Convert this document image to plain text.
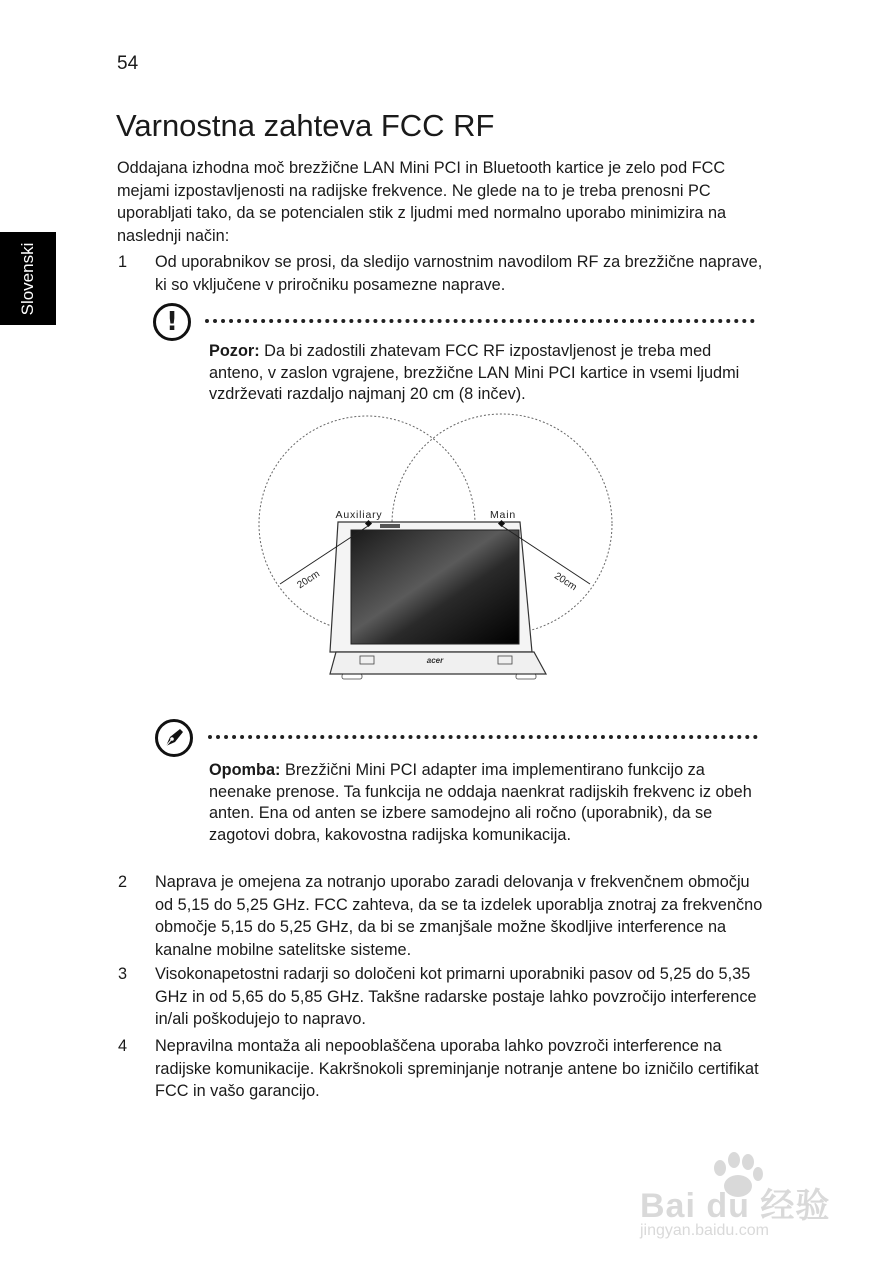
54
Slovenski
Varnostna zahteva FCC RF
Oddajana izhodna moč brezžične LAN Mini PCI in Bluetooth kartice je zelo pod FCC mejami izpostavljenosti na radijske frekvence. Ne glede na to je treba prenosni PC uporabljati tako, da se potencialen stik z ljudmi med normalno uporabo minimizira na naslednji način:
1 Od uporabnikov se prosi, da sledijo varnostnim navodilom RF za brezžične naprave, ki so vključene v priročniku posamezne naprave.
!
Pozor: Da bi zadostili zhatevam FCC RF izpostavljenost je treba med anteno, v zaslon vgrajene, brezžične LAN Mini PCI kartice in vsemi ljudmi vzdrževati razdaljo najmanj 20 cm (8 inčev).
acer
Auxiliary	Main
20cm	20cm
Opomba: Brezžični Mini PCI adapter ima implementirano funkcijo za neenake prenose. Ta funkcija ne oddaja naenkrat radijskih frekvenc iz obeh anten. Ena od anten se izbere samodejno ali ročno (uporabnik), da se zagotovi dobra, kakovostna radijska komunikacija.
2 Naprava je omejena za notranjo uporabo zaradi delovanja v frekvenčnem območju od 5,15 do 5,25 GHz. FCC zahteva, da se ta izdelek uporablja znotraj za frekvenčno območje 5,15 do 5,25 GHz, da bi se zmanjšale možne škodljive interference na kanalne mobilne satelitske sisteme.
3 Visokonapetostni radarji so določeni kot primarni uporabniki pasov od 5,25 do 5,35 GHz in od 5,65 do 5,85 GHz. Takšne radarske postaje lahko povzročijo interference in/ali poškodujejo to napravo.
4 Nepravilna montaža ali nepooblaščena uporaba lahko povzroči interference na radijske komunikacije. Kakršnokoli spreminjanje notranje antene bo izničilo certifikat FCC in vašo garancijo.
Bai du 经验
jingyan.baidu.com
